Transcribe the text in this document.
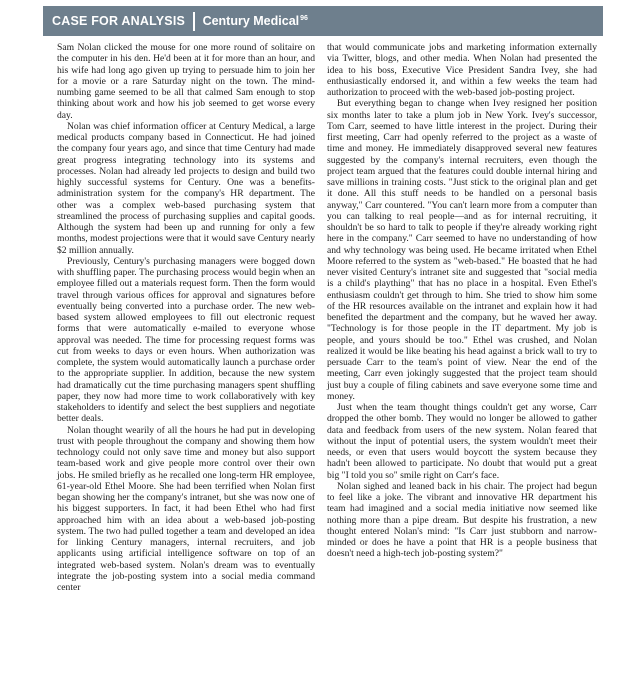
CASE FOR ANALYSIS Century Medical$^{96}$

Sam Nolan clicked the mouse for one more round of solitaire on the computer in his den. He'd been at it for more than an hour, and his wife had long ago given up trying to persuade him to join her for a movie or a rare Saturday night on the town. The mind-numbing game seemed to be all that calmed Sam enough to stop thinking about work and how his job seemed to get worse every day.

Nolan was chief information officer at Century Medical, a large medical products company based in Connecticut. He had joined the company four years ago, and since that time Century had made great progress integrating technology into its systems and processes. Nolan had already led projects to design and build two highly successful systems for Century. One was a benefits-administration system for the company's HR department. The other was a complex web-based purchasing system that streamlined the process of purchasing supplies and capital goods. Although the system had been up and running for only a few months, modest projections were that it would save Century nearly $2 million annually.

Previously, Century's purchasing managers were bogged down with shuffling paper. The purchasing process would begin when an employee filled out a materials request form. Then the form would travel through various offices for approval and signatures before eventually being converted into a purchase order. The new web-based system allowed employees to fill out electronic request forms that were automatically e-mailed to everyone whose approval was needed. The time for processing request forms was cut from weeks to days or even hours. When authorization was complete, the system would automatically launch a purchase order to the appropriate supplier. In addition, because the new system had dramatically cut the time purchasing managers spent shuffling paper, they now had more time to work collaboratively with key stakeholders to identify and select the best suppliers and negotiate better deals.

Nolan thought wearily of all the hours he had put in developing trust with people throughout the company and showing them how technology could not only save time and money but also support team-based work and give people more control over their own jobs. He smiled briefly as he recalled one long-term HR employee, 61-year-old Ethel Moore. She had been terrified when Nolan first began showing her the company's intranet, but she was now one of his biggest supporters. In fact, it had been Ethel who had first approached him with an idea about a web-based job-posting system. The two had pulled together a team and developed an idea for linking Century managers, internal recruiters, and job applicants using artificial intelligence software on top of an integrated web-based system. Nolan's dream was to eventually integrate the job-posting system into a social media command center

that would communicate jobs and marketing information externally via Twitter, blogs, and other media. When Nolan had presented the idea to his boss, Executive Vice President Sandra Ivey, she had enthusiastically endorsed it, and within a few weeks the team had authorization to proceed with the web-based job-posting project.

But everything began to change when Ivey resigned her position six months later to take a plum job in New York. Ivey's successor, Tom Carr, seemed to have little interest in the project. During their first meeting, Carr had openly referred to the project as a waste of time and money. He immediately disapproved several new features suggested by the company's internal recruiters, even though the project team argued that the features could double internal hiring and save millions in training costs. "Just stick to the original plan and get it done. All this stuff needs to be handled on a personal basis anyway," Carr countered. "You can't learn more from a computer than you can talking to real people—and as for internal recruiting, it shouldn't be so hard to talk to people if they're already working right here in the company." Carr seemed to have no understanding of how and why technology was being used. He became irritated when Ethel Moore referred to the system as "web-based." He boasted that he had never visited Century's intranet site and suggested that "social media is a child's plaything" that has no place in a hospital. Even Ethel's enthusiasm couldn't get through to him. She tried to show him some of the HR resources available on the intranet and explain how it had benefited the department and the company, but he waved her away. "Technology is for those people in the IT department. My job is people, and yours should be too." Ethel was crushed, and Nolan realized it would be like beating his head against a brick wall to try to persuade Carr to the team's point of view. Near the end of the meeting, Carr even jokingly suggested that the project team should just buy a couple of filing cabinets and save everyone some time and money.

Just when the team thought things couldn't get any worse, Carr dropped the other bomb. They would no longer be allowed to gather data and feedback from users of the new system. Nolan feared that without the input of potential users, the system wouldn't meet their needs, or even that users would boycott the system because they hadn't been allowed to participate. No doubt that would put a great big "I told you so" smile right on Carr's face.

Nolan sighed and leaned back in his chair. The project had begun to feel like a joke. The vibrant and innovative HR department his team had imagined and a social media initiative now seemed like nothing more than a pipe dream. But despite his frustration, a new thought entered Nolan's mind: "Is Carr just stubborn and narrow-minded or does he have a point that HR is a people business that doesn't need a high-tech job-posting system?"
